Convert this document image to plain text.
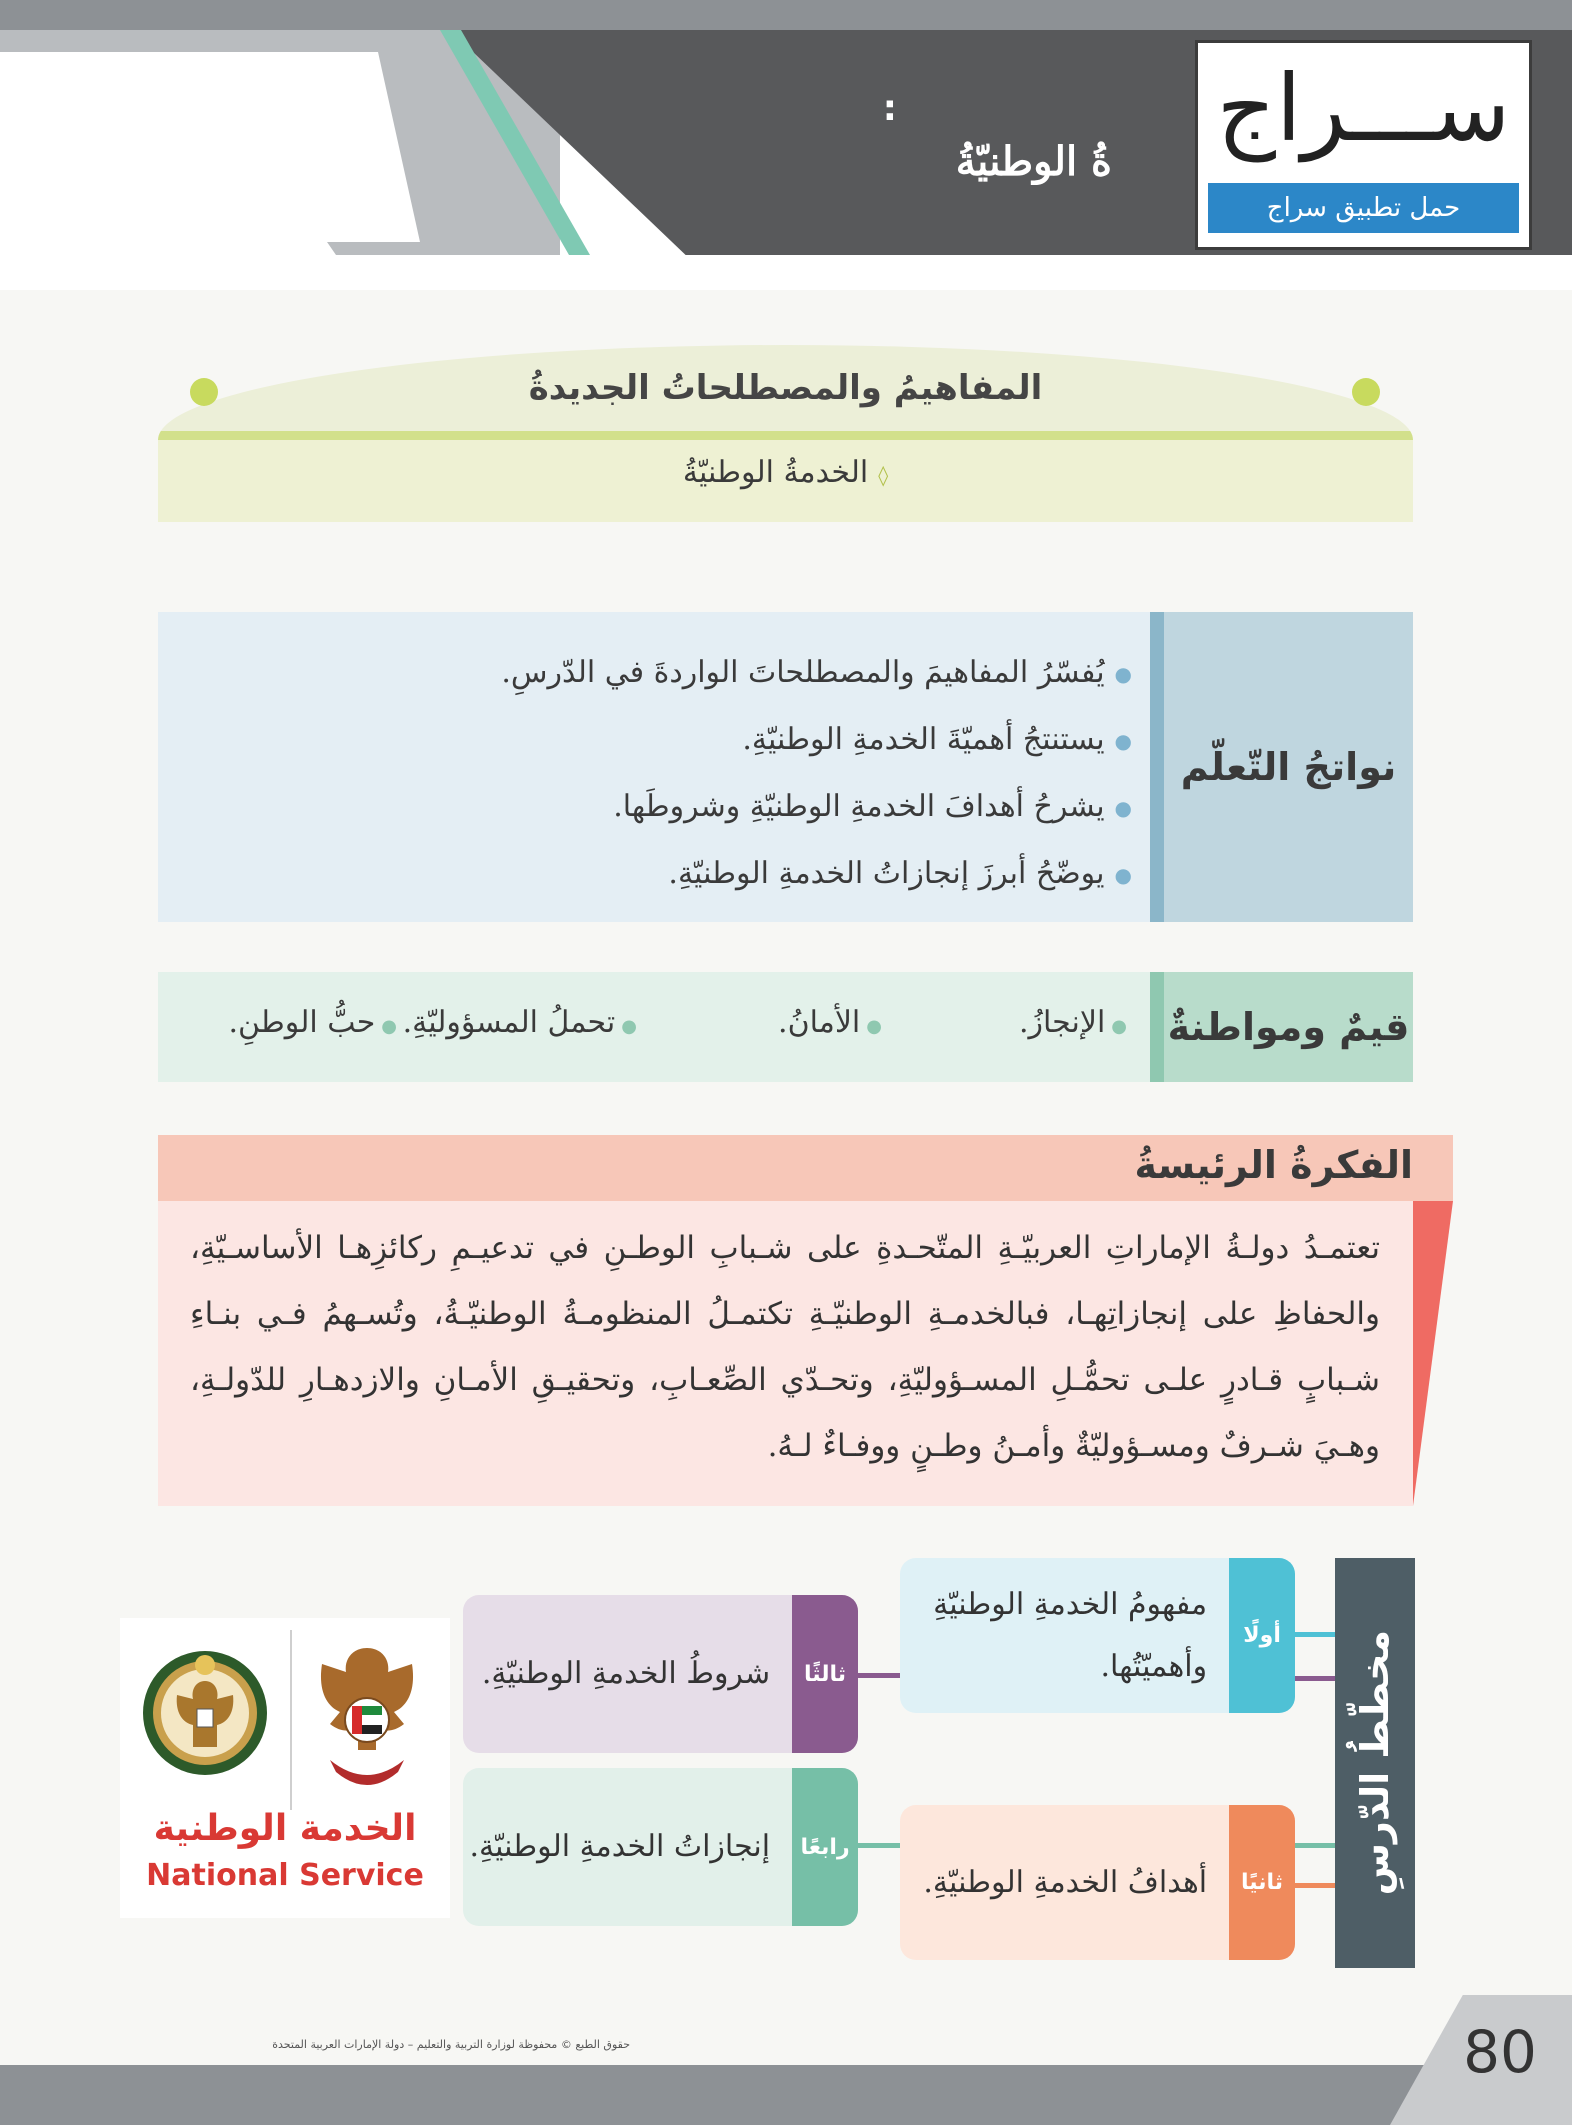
:
ةُ الوطنيّةُ ســـراج
حمل تطبيق سراج
المفاهيمُ والمصطلحاتُ الجديدةُ
◊الخدمةُ الوطنيّةُ
نواتجُ التّعلّم
●يُفسّرُ المفاهيمَ والمصطلحاتَ الواردةَ في الدّرسِ.
●يستنتجُ أهميّةَ الخدمةِ الوطنيّةِ.
●يشرحُ أهدافَ الخدمةِ الوطنيّةِ وشروطَها.
●يوضّحُ أبرزَ إنجازاتُ الخدمةِ الوطنيّةِ.
قيمٌ ومواطنةٌ
●الإنجازُ.
●الأمانُ.
●تحملُ المسؤوليّةِ.
●حبُّ الوطنِ.
الفكرةُ الرئيسةُ
تعتمـدُ دولـةُ الإماراتِ العربيّـةِ المتّحـدةِ على شـبابِ الوطـنِ في تدعيـمِ ركائزِهـا الأساسـيّةِ، والحفاظِ على إنجازاتِهـا، فبالخدمـةِ الوطنيّـةِ تكتمـلُ المنظومـةُ الوطنيّـةُ، وتُسـهمُ فـي بنـاءِ شـبابٍ قـادرٍ علـى تحمُّـلِ المسـؤوليّةِ، وتحـدّي الصِّعـابِ، وتحقيـقِ الأمـانِ والازدهـارِ للدّولـةِ، وهـيَ شـرفٌ ومسـؤوليّةٌ وأمـنُ وطـنٍ ووفـاءٌ لـهُ.
مخطّطُ الدّرسِ
أولًا
مفهومُ الخدمةِ الوطنيّةِ وأهميّتُها.
ثانيًا
أهدافُ الخدمةِ الوطنيّةِ.
ثالثًا
شروطُ الخدمةِ الوطنيّةِ.
رابعًا
إنجازاتُ الخدمةِ الوطنيّةِ.
الخدمة الوطنية
National Service
80
حقوق الطبع © محفوظة لوزارة التربية والتعليم – دولة الإمارات العربية المتحدة
